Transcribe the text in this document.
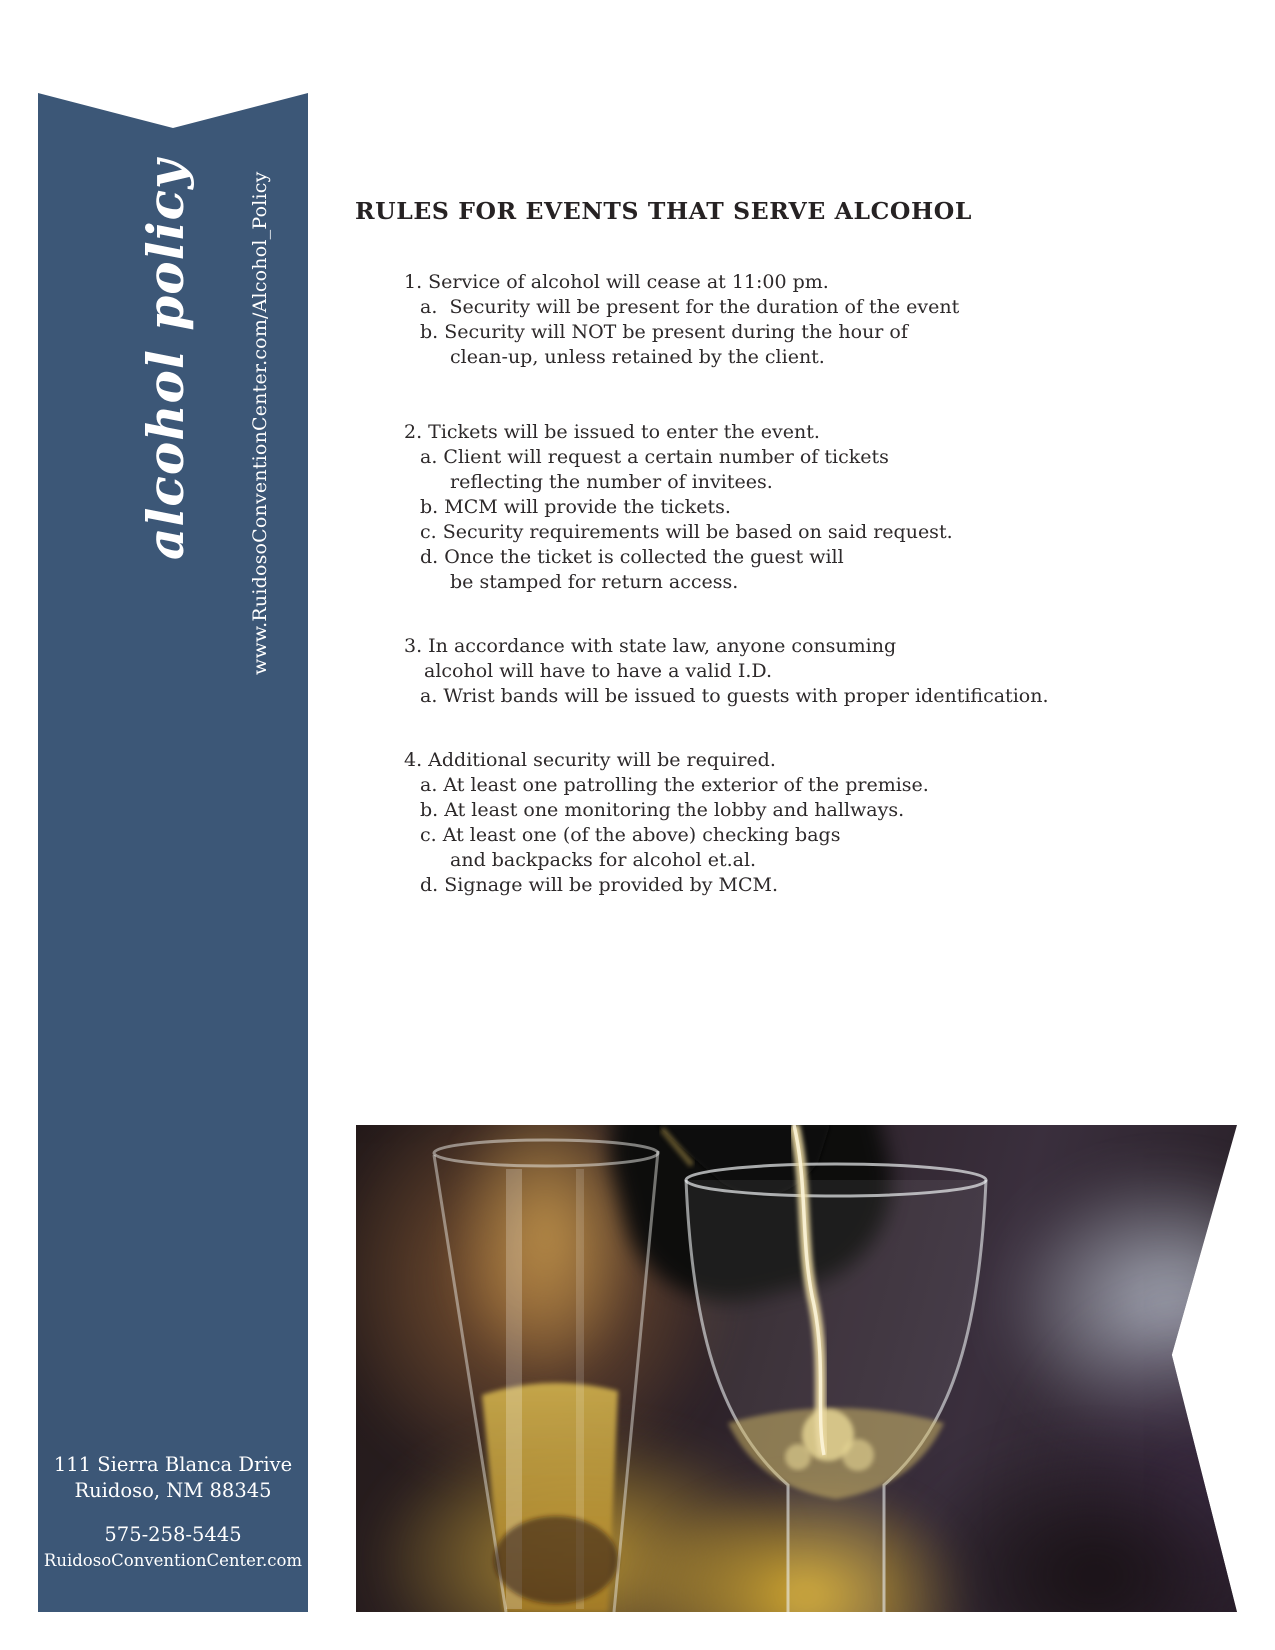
alcohol policy	www.RuidosoConventionCenter.com/Alcohol_Policy
111 Sierra Blanca Drive
Ruidoso, NM 88345
575-258-5445
RuidosoConventionCenter.com
RULES FOR EVENTS THAT SERVE ALCOHOL
1. Service of alcohol will cease at 11:00 pm.
a.  Security will be present for the duration of the event
b. Security will NOT be present during the hour of
clean-up, unless retained by the client.
2. Tickets will be issued to enter the event.
a. Client will request a certain number of tickets
reflecting the number of invitees.
b. MCM will provide the tickets.
c. Security requirements will be based on said request.
d. Once the ticket is collected the guest will
be stamped for return access.
3. In accordance with state law, anyone consuming
alcohol will have to have a valid I.D.
a. Wrist bands will be issued to guests with proper identification.
4. Additional security will be required.
a. At least one patrolling the exterior of the premise.
b. At least one monitoring the lobby and hallways.
c. At least one (of the above) checking bags
and backpacks for alcohol et.al.
d. Signage will be provided by MCM.
